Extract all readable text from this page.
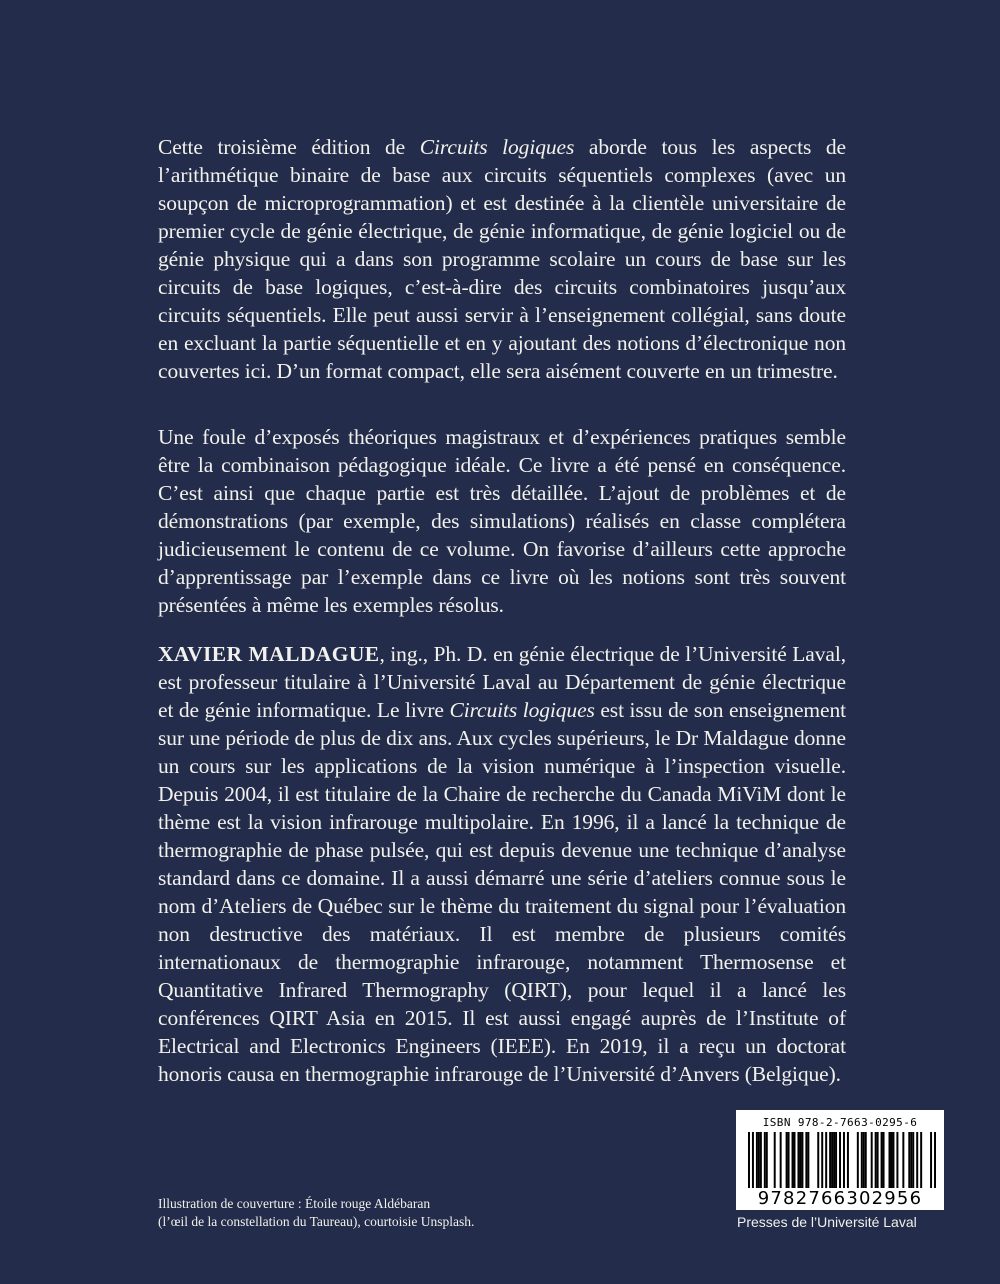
Cette troisième édition de Circuits logiques aborde tous les aspects de l’arithmétique binaire de base aux circuits séquentiels complexes (avec un soupçon de microprogrammation) et est destinée à la clientèle universitaire de premier cycle de génie électrique, de génie informatique, de génie logiciel ou de génie physique qui a dans son programme scolaire un cours de base sur les circuits de base logiques, c’est-à-dire des circuits combinatoires jusqu’aux circuits séquentiels. Elle peut aussi servir à l’enseignement collégial, sans doute en excluant la partie séquentielle et en y ajoutant des notions d’électronique non couvertes ici. D’un format compact, elle sera aisément couverte en un trimestre.
Une foule d’exposés théoriques magistraux et d’expériences pratiques semble être la combinaison pédagogique idéale. Ce livre a été pensé en conséquence. C’est ainsi que chaque partie est très détaillée. L’ajout de problèmes et de démonstrations (par exemple, des simulations) réalisés en classe complétera judicieusement le contenu de ce volume. On favorise d’ailleurs cette approche d’apprentissage par l’exemple dans ce livre où les notions sont très souvent présentées à même les exemples résolus.
XAVIER MALDAGUE, ing., Ph. D. en génie électrique de l’Université Laval, est professeur titulaire à l’Université Laval au Département de génie électrique et de génie informatique. Le livre Circuits logiques est issu de son enseignement sur une période de plus de dix ans. Aux cycles supérieurs, le Dr Maldague donne un cours sur les applications de la vision numérique à l’inspection visuelle. Depuis 2004, il est titulaire de la Chaire de recherche du Canada MiViM dont le thème est la vision infrarouge multipolaire. En 1996, il a lancé la technique de thermographie de phase pulsée, qui est depuis devenue une technique d’analyse standard dans ce domaine. Il a aussi démarré une série d’ateliers connue sous le nom d’Ateliers de Québec sur le thème du traitement du signal pour l’évaluation non destructive des matériaux. Il est membre de plusieurs comités internationaux de thermographie infrarouge, notamment Thermosense et Quantitative Infrared Thermography (QIRT), pour lequel il a lancé les conférences QIRT Asia en 2015. Il est aussi engagé auprès de l’Institute of Electrical and Electronics Engineers (IEEE). En 2019, il a reçu un doctorat honoris causa en thermographie infrarouge de l’Université d’Anvers (Belgique).
Illustration de couverture : Étoile rouge Aldébaran
(l’œil de la constellation du Taureau), courtoisie Unsplash.
ISBN 978-2-7663-0295-6
9782766302956
Presses de l’Université Laval
